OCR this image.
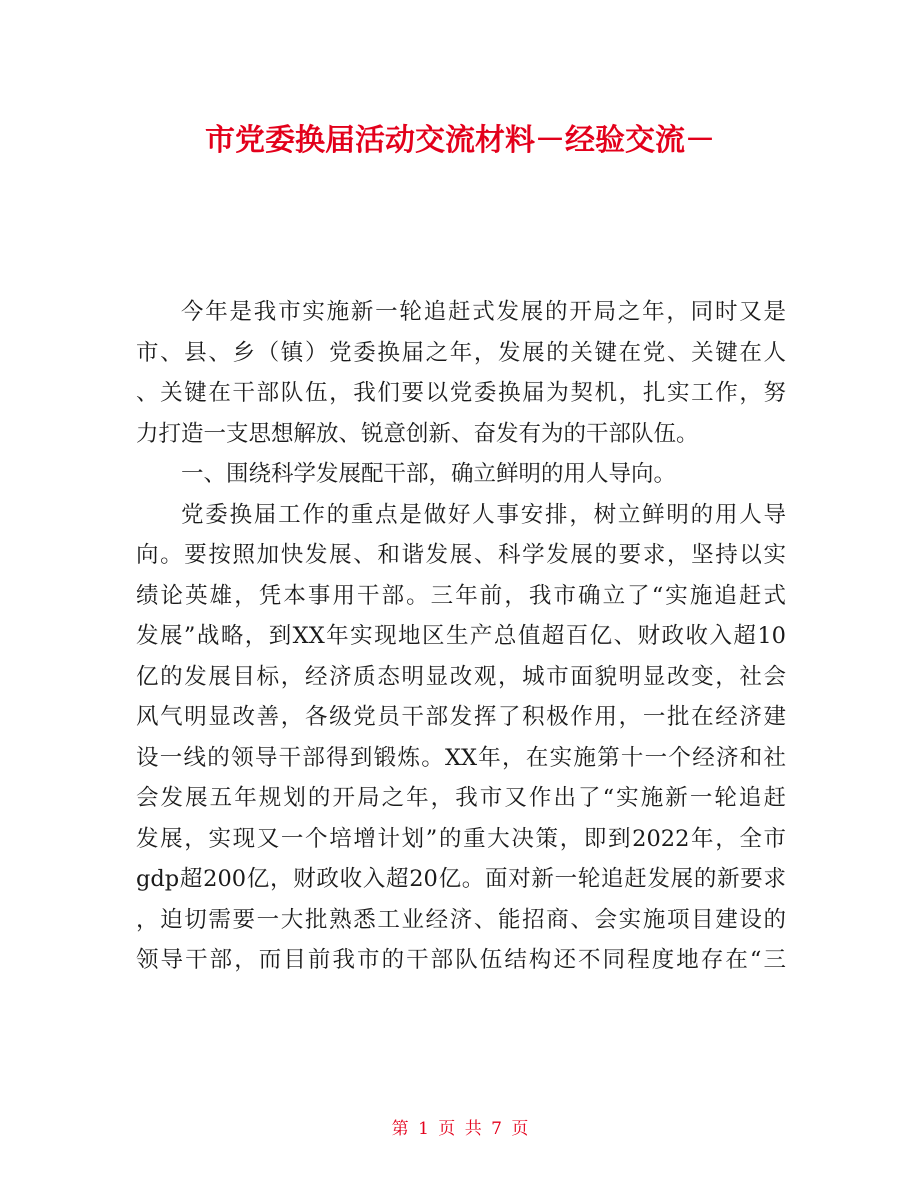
市党委换届活动交流材料－经验交流－
今年是我市实施新一轮追赶式发展的开局之年，同时又是
市、县、乡（镇）党委换届之年，发展的关键在党、关键在人
、关键在干部队伍，我们要以党委换届为契机，扎实工作，努
力打造一支思想解放、锐意创新、奋发有为的干部队伍。
一、围绕科学发展配干部，确立鲜明的用人导向。
党委换届工作的重点是做好人事安排，树立鲜明的用人导
向。要按照加快发展、和谐发展、科学发展的要求，坚持以实
绩论英雄，凭本事用干部。三年前，我市确立了“实施追赶式
发展”战略，到XX年实现地区生产总值超百亿、财政收入超10
亿的发展目标，经济质态明显改观，城市面貌明显改变，社会
风气明显改善，各级党员干部发挥了积极作用，一批在经济建
设一线的领导干部得到锻炼。XX年，在实施第十一个经济和社
会发展五年规划的开局之年，我市又作出了“实施新一轮追赶
发展，实现又一个培增计划”的重大决策，即到2022年，全市
gdp超200亿，财政收入超20亿。面对新一轮追赶发展的新要求
，迫切需要一大批熟悉工业经济、能招商、会实施项目建设的
领导干部，而目前我市的干部队伍结构还不同程度地存在“三
第 1 页 共 7 页
